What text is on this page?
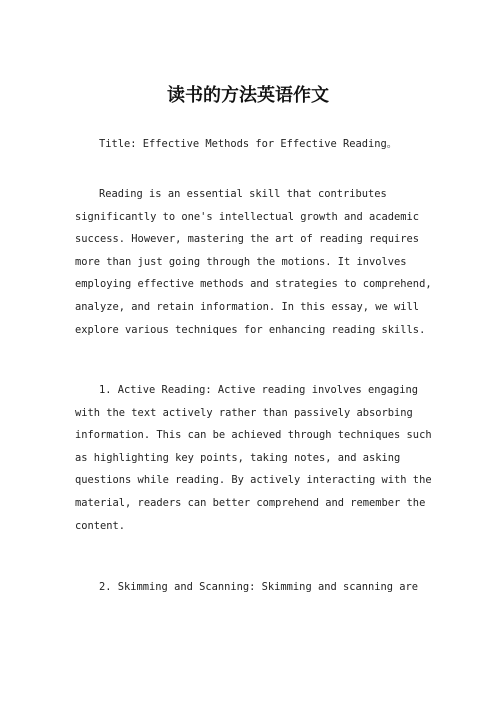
读书的方法英语作文

Title: Effective Methods for Effective Reading。

Reading is an essential skill that contributes
significantly to one's intellectual growth and academic
success. However, mastering the art of reading requires
more than just going through the motions. It involves
employing effective methods and strategies to comprehend,
analyze, and retain information. In this essay, we will
explore various techniques for enhancing reading skills.

1. Active Reading: Active reading involves engaging
with the text actively rather than passively absorbing
information. This can be achieved through techniques such
as highlighting key points, taking notes, and asking
questions while reading. By actively interacting with the
material, readers can better comprehend and remember the
content.

2. Skimming and Scanning: Skimming and scanning are
